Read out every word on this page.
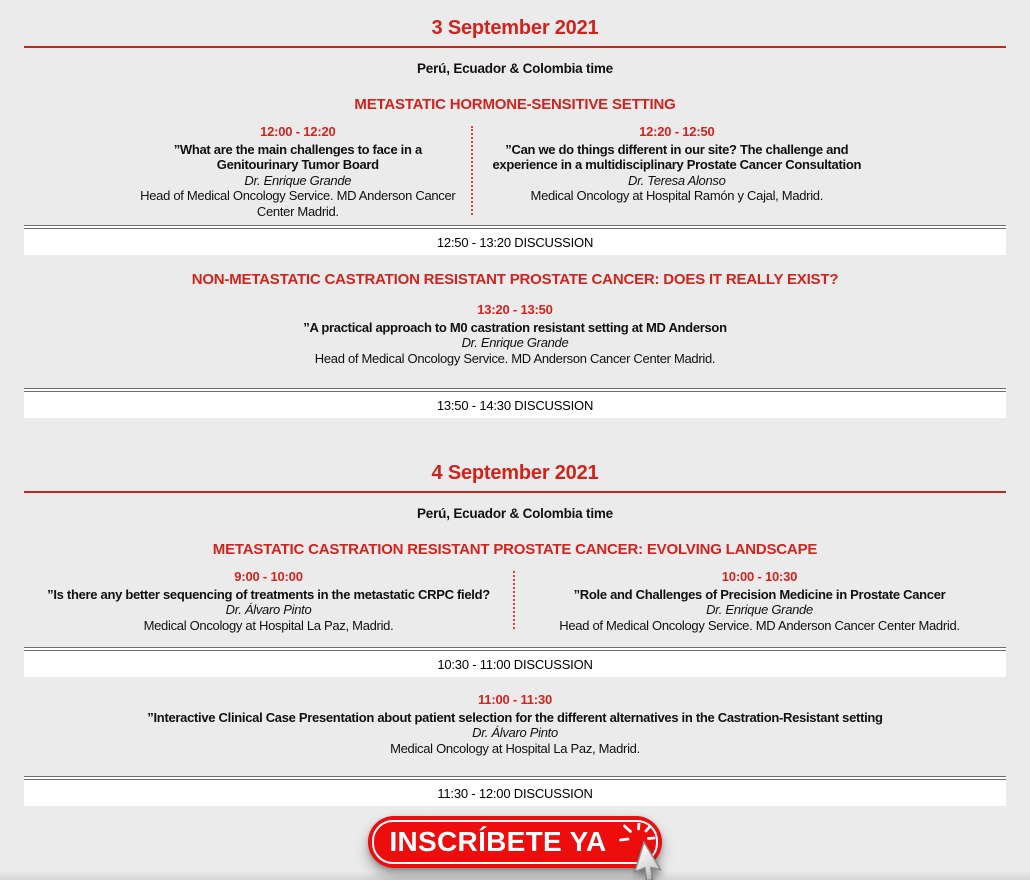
3 September 2021
Perú, Ecuador & Colombia time
METASTATIC HORMONE-SENSITIVE SETTING
12:00 - 12:20
”What are the main challenges to face in a Genitourinary Tumor Board
Dr. Enrique Grande
Head of Medical Oncology Service. MD Anderson Cancer Center Madrid.
12:20 - 12:50
”Can we do things different in our site? The challenge and experience in a multidisciplinary Prostate Cancer Consultation
Dr. Teresa Alonso
Medical Oncology at Hospital Ramón y Cajal, Madrid.
12:50 - 13:20 DISCUSSION
NON-METASTATIC CASTRATION RESISTANT PROSTATE CANCER: DOES IT REALLY EXIST?
13:20 - 13:50
”A practical approach to M0 castration resistant setting at MD Anderson
Dr. Enrique Grande
Head of Medical Oncology Service. MD Anderson Cancer Center Madrid.
13:50 - 14:30 DISCUSSION
4 September 2021
Perú, Ecuador & Colombia time
METASTATIC CASTRATION RESISTANT PROSTATE CANCER: EVOLVING LANDSCAPE
9:00 - 10:00
”Is there any better sequencing of treatments in the metastatic CRPC field?
Dr. Álvaro Pinto
Medical Oncology at Hospital La Paz, Madrid.
10:00 - 10:30
”Role and Challenges of Precision Medicine in Prostate Cancer
Dr. Enrique Grande
Head of Medical Oncology Service. MD Anderson Cancer Center Madrid.
10:30 - 11:00 DISCUSSION
11:00 - 11:30
”Interactive Clinical Case Presentation about patient selection for the different alternatives in the Castration-Resistant setting
Dr. Álvaro Pinto
Medical Oncology at Hospital La Paz, Madrid.
11:30 - 12:00 DISCUSSION
INSCRÍBETE YA
